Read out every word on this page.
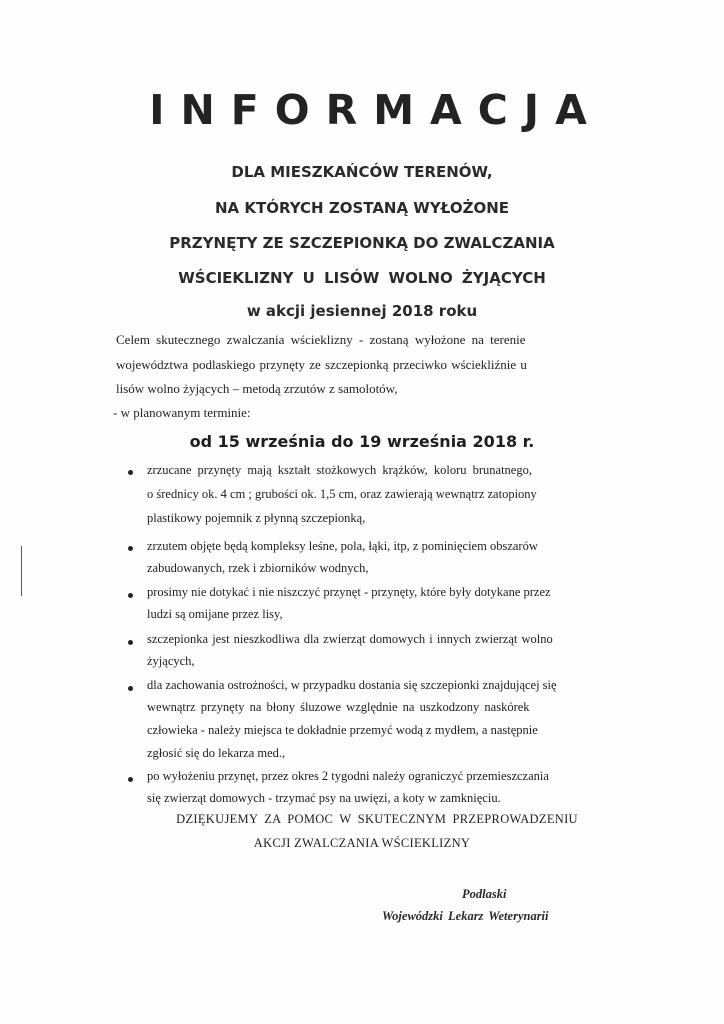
INFORMACJA
DLA MIESZKAŃCÓW TERENÓW,
NA KTÓRYCH ZOSTANĄ WYŁOŻONE
PRZYNĘTY ZE SZCZEPIONKĄ DO ZWALCZANIA
WŚCIEKLIZNY U LISÓW WOLNO ŻYJĄCYCH
w akcji jesiennej 2018 roku
Celem skutecznego zwalczania wścieklizny - zostaną wyłożone na terenie
województwa podlaskiego przynęty ze szczepionką przeciwko wściekliźnie u
lisów wolno żyjących – metodą zrzutów z samolotów,
- w planowanym terminie:
od 15 września do 19 września 2018 r.
zrzucane przynęty mają kształt stożkowych krążków, koloru brunatnego,
o średnicy ok. 4 cm ; grubości ok. 1,5 cm, oraz zawierają wewnątrz zatopiony
plastikowy pojemnik z płynną szczepionką,
zrzutem objęte będą kompleksy leśne, pola, łąki, itp, z pominięciem obszarów
zabudowanych, rzek i zbiorników wodnych,
prosimy nie dotykać i nie niszczyć przynęt - przynęty, które były dotykane przez
ludzi są omijane przez lisy,
szczepionka jest nieszkodliwa dla zwierząt domowych i innych zwierząt wolno
żyjących,
dla zachowania ostrożności, w przypadku dostania się szczepionki znajdującej się
wewnątrz przynęty na błony śluzowe względnie na uszkodzony naskórek
człowieka - należy miejsca te dokładnie przemyć wodą z mydłem, a następnie
zgłosić się do lekarza med.,
po wyłożeniu przynęt, przez okres 2 tygodni należy ograniczyć przemieszczania
się zwierząt domowych - trzymać psy na uwięzi, a koty w zamknięciu.
DZIĘKUJEMY ZA POMOC W SKUTECZNYM PRZEPROWADZENIU
AKCJI ZWALCZANIA WŚCIEKLIZNY
Podlaski
Wojewódzki Lekarz Weterynarii
